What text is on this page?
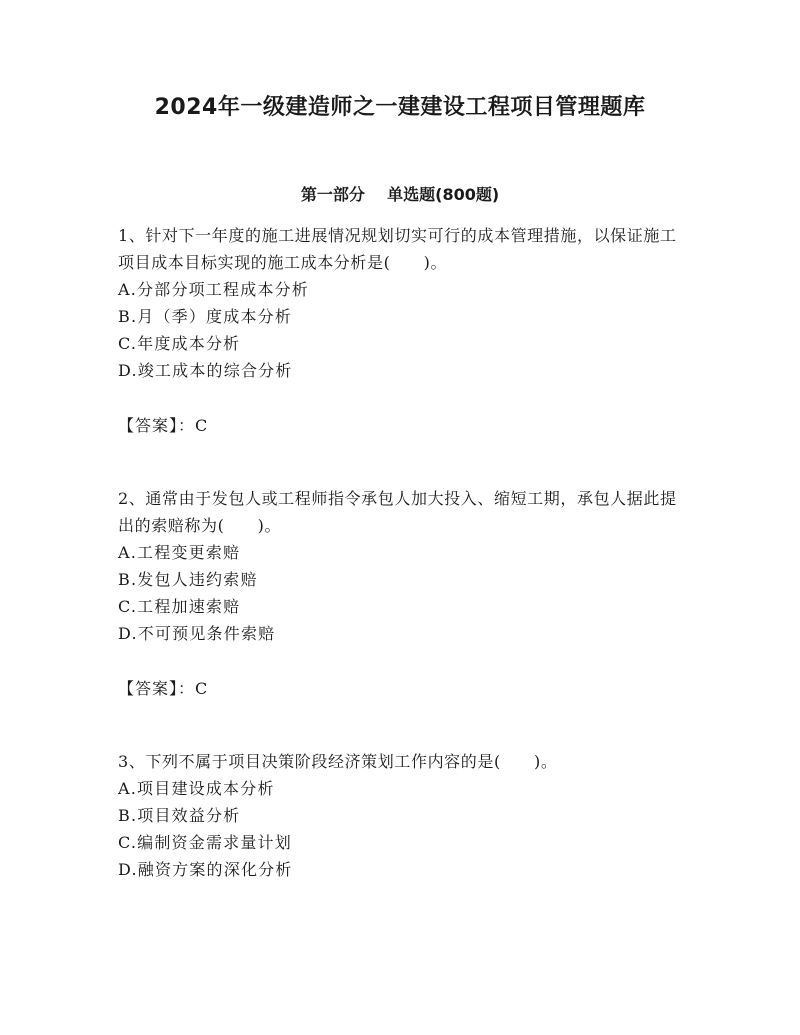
2024年一级建造师之一建建设工程项目管理题库
第一部分    单选题(800题)

1、针对下一年度的施工进展情况规划切实可行的成本管理措施，以保证施工项目成本目标实现的施工成本分析是(　　)。

A.分部分项工程成本分析

B.月（季）度成本分析

C.年度成本分析

D.竣工成本的综合分析

【答案】：C

2、通常由于发包人或工程师指令承包人加大投入、缩短工期，承包人据此提出的索赔称为(　　)。

A.工程变更索赔

B.发包人违约索赔

C.工程加速索赔

D.不可预见条件索赔

【答案】：C

3、下列不属于项目决策阶段经济策划工作内容的是(　　)。

A.项目建设成本分析

B.项目效益分析

C.编制资金需求量计划

D.融资方案的深化分析
